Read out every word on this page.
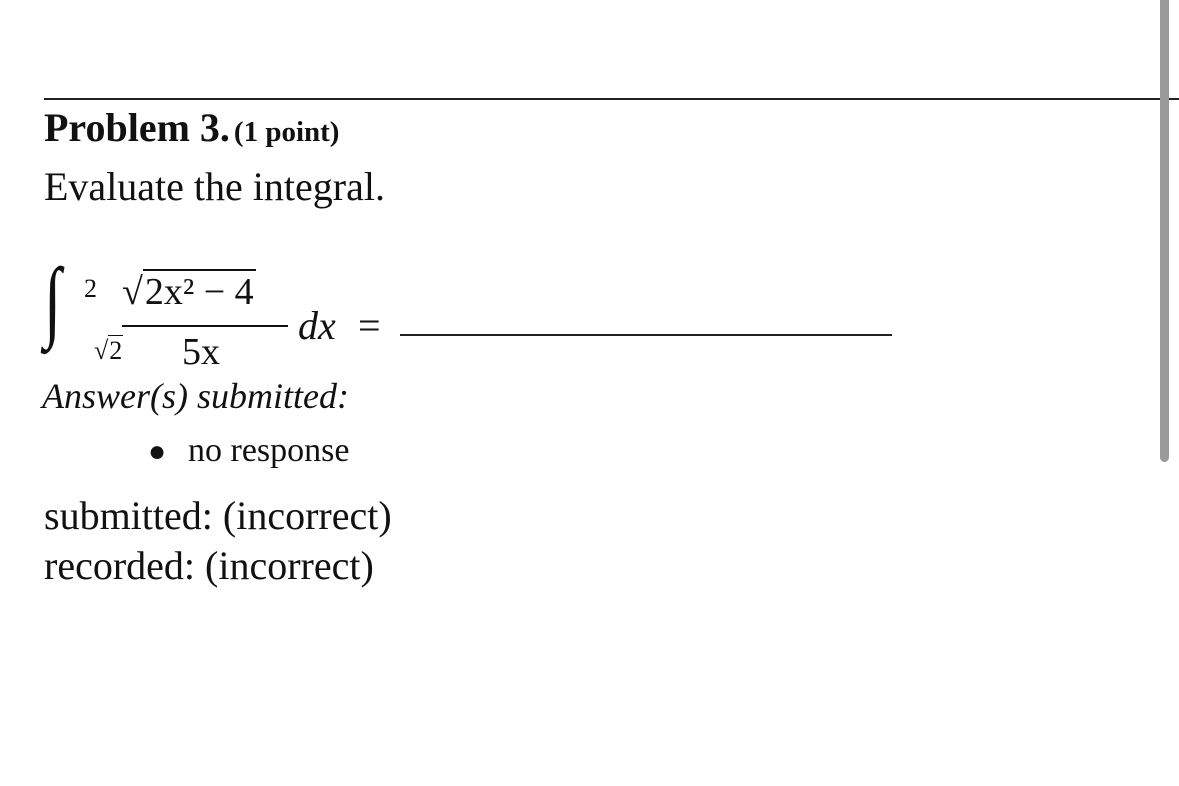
Problem 3. (1 point)
Evaluate the integral.
∫ 2
√2
√2x² − 4
5x
dx =
Answer(s) submitted:
● no response
submitted: (incorrect)
recorded: (incorrect)
